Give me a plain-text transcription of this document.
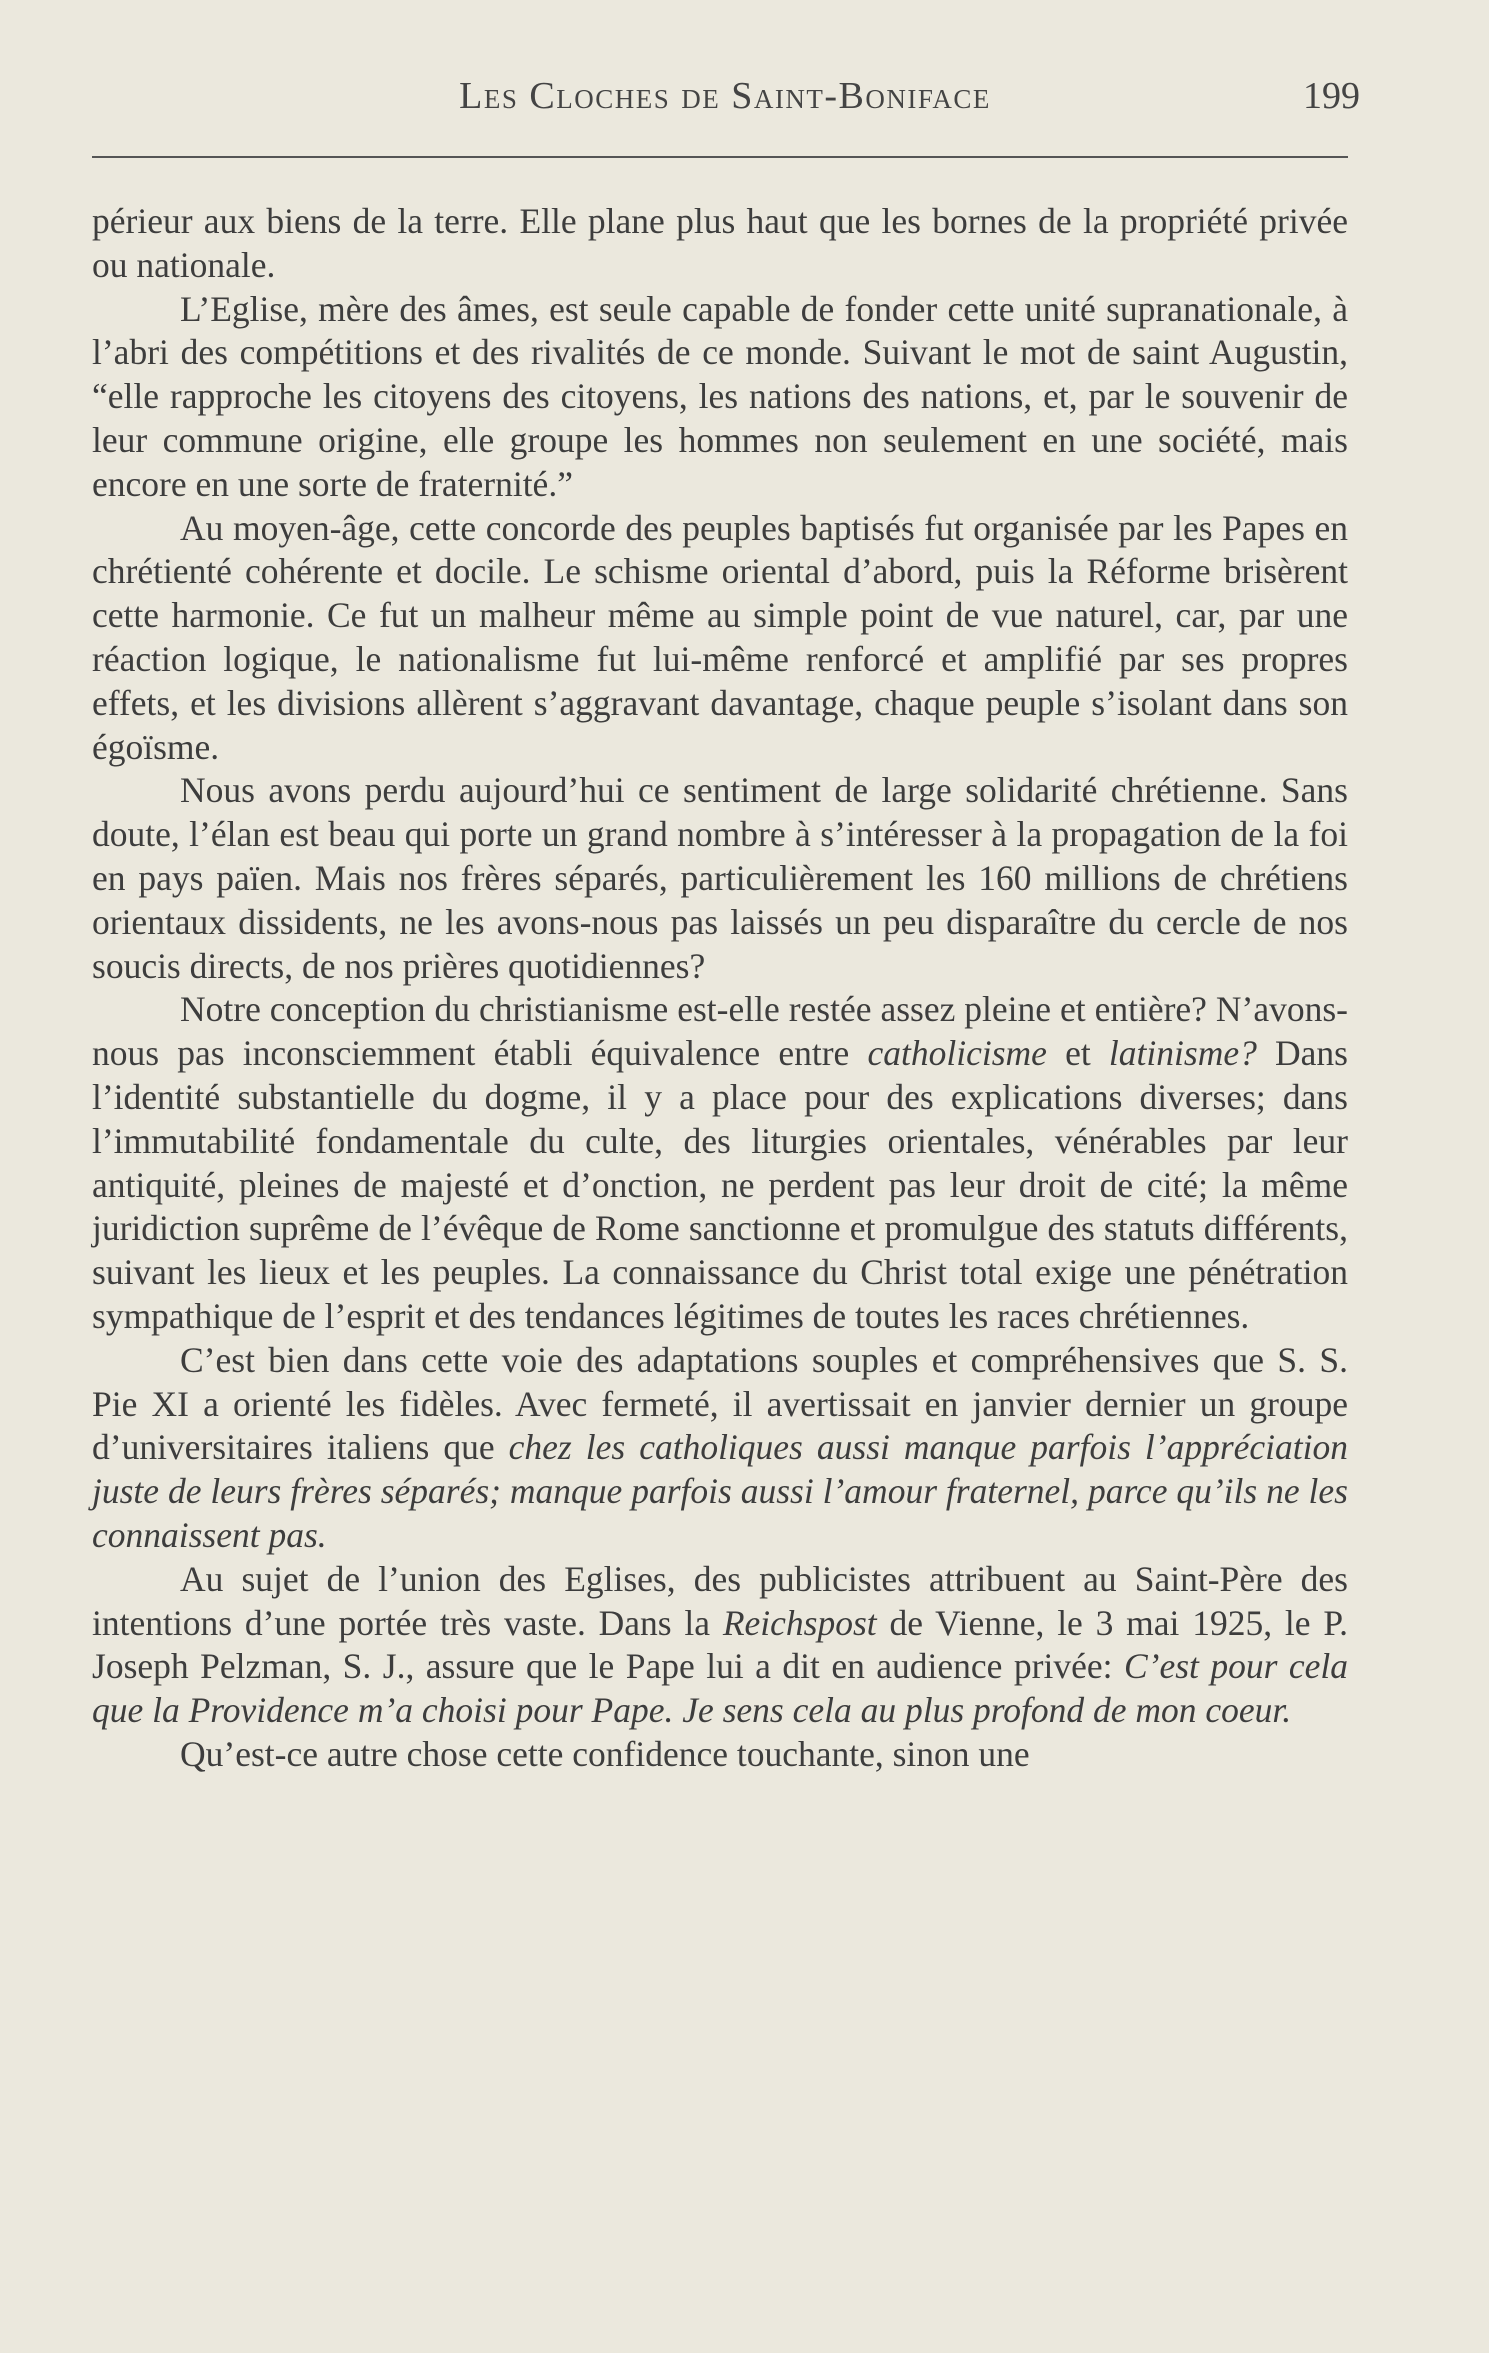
Les Cloches de Saint-Boniface	199

périeur aux biens de la terre. Elle plane plus haut que les bornes de la propriété privée ou nationale.

L’Eglise, mère des âmes, est seule capable de fonder cette unité supranationale, à l’abri des compétitions et des rivalités de ce monde. Suivant le mot de saint Augustin, “elle rapproche les citoyens des citoyens, les nations des nations, et, par le souvenir de leur commune origine, elle groupe les hommes non seulement en une société, mais encore en une sorte de fraternité.”

Au moyen-âge, cette concorde des peuples baptisés fut organisée par les Papes en chrétienté cohérente et docile. Le schisme oriental d’abord, puis la Réforme brisèrent cette harmonie. Ce fut un malheur même au simple point de vue naturel, car, par une réaction logique, le nationalisme fut lui-même renforcé et amplifié par ses propres effets, et les divisions allèrent s’aggravant davantage, chaque peuple s’isolant dans son égoïsme.

Nous avons perdu aujourd’hui ce sentiment de large solidarité chrétienne. Sans doute, l’élan est beau qui porte un grand nombre à s’intéresser à la propagation de la foi en pays païen. Mais nos frères séparés, particulièrement les 160 millions de chrétiens orientaux dissidents, ne les avons-nous pas laissés un peu disparaître du cercle de nos soucis directs, de nos prières quotidiennes?

Notre conception du christianisme est-elle restée assez pleine et entière? N’avons-nous pas inconsciemment établi équivalence entre catholicisme et latinisme? Dans l’identité substantielle du dogme, il y a place pour des explications diverses; dans l’immutabilité fondamentale du culte, des liturgies orientales, vénérables par leur antiquité, pleines de majesté et d’onction, ne perdent pas leur droit de cité; la même juridiction suprême de l’évêque de Rome sanctionne et promulgue des statuts différents, suivant les lieux et les peuples. La connaissance du Christ total exige une pénétration sympathique de l’esprit et des tendances légitimes de toutes les races chrétiennes.

C’est bien dans cette voie des adaptations souples et compréhensives que S. S. Pie XI a orienté les fidèles. Avec fermeté, il avertissait en janvier dernier un groupe d’universitaires italiens que chez les catholiques aussi manque parfois l’appréciation juste de leurs frères séparés; manque parfois aussi l’amour fraternel, parce qu’ils ne les connaissent pas.

Au sujet de l’union des Eglises, des publicistes attribuent au Saint-Père des intentions d’une portée très vaste. Dans la Reichspost de Vienne, le 3 mai 1925, le P. Joseph Pelzman, S. J., assure que le Pape lui a dit en audience privée: C’est pour cela que la Providence m’a choisi pour Pape. Je sens cela au plus profond de mon coeur.

Qu’est-ce autre chose cette confidence touchante, sinon une
